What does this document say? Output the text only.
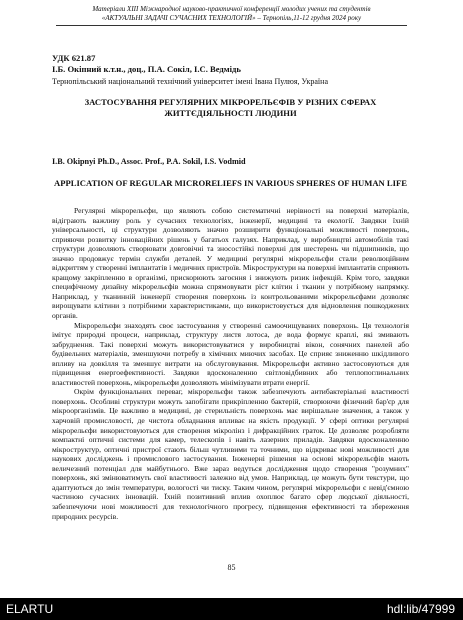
Матеріали ХІІІ Міжнародної науково-практичної конференції молодих учених та студентів
«АКТУАЛЬНІ ЗАДАЧІ СУЧАСНИХ ТЕХНОЛОГІЙ» – Тернопіль,11-12 грудня 2024 року
УДК 621.87
І.Б. Окіпний к.т.н., доц., П.А. Сокіл, І.С. Ведмідь
Тернопільський національний технічний університет імені Івана Пулюя, Україна
ЗАСТОСУВАННЯ РЕГУЛЯРНИХ МІКРОРЕЛЬЄФІВ У РІЗНИХ СФЕРАХ ЖИТТЄДІЯЛЬНОСТІ ЛЮДИНИ
I.B. Okipnyi Ph.D., Assoc. Prof., P.A. Sokil, I.S. Vodmid
APPLICATION OF REGULAR MICRORELIEFS IN VARIOUS SPHERES OF HUMAN LIFE

Регулярні мікрорельєфи, що являють собою систематичні нерівності на поверхні матеріалів, відіграють важливу роль у сучасних технологіях, інженерії, медицині та екології. Завдяки їхній універсальності, ці структури дозволяють значно розширити функціональні можливості поверхонь, сприяючи розвитку інноваційних рішень у багатьох галузях. Наприклад, у виробництві автомобілів такі структури дозволяють створювати довговічні та зносостійкі поверхні для шестерень чи підшипників, що значно продовжує термін служби деталей. У медицині регулярні мікрорельєфи стали революційним відкриттям у створенні імплантатів і медичних пристроїв. Мікроструктури на поверхні імплантатів сприяють кращому закріпленню в організмі, прискорюють загоєння і знижують ризик інфекцій. Крім того, завдяки специфічному дизайну мікрорельєфів можна спрямовувати ріст клітин і тканин у потрібному напрямку. Наприклад, у тканинній інженерії створення поверхонь із контрольованими мікрорельєфами дозволяє вирощувати клітини з потрібними характеристиками, що використовується для відновлення пошкоджених органів.

Мікрорельєфи знаходять своє застосування у створенні самоочищуваних поверхонь. Ця технологія імітує природні процеси, наприклад, структуру листя лотоса, де вода формує краплі, які змивають забруднення. Такі поверхні можуть використовуватися у виробництві вікон, сонячних панелей або будівельних матеріалів, зменшуючи потребу в хімічних миючих засобах. Це сприяє зниженню шкідливого впливу на довкілля та зменшує витрати на обслуговування. Мікрорельєфи активно застосовуються для підвищення енергоефективності. Завдяки вдосконаленню світловідбивних або теплопоглинальних властивостей поверхонь, мікрорельєфи дозволяють мінімізувати втрати енергії.

Окрім функціональних переваг, мікрорельєфи також забезпечують антибактеріальні властивості поверхонь. Особливі структури можуть запобігати прикріпленню бактерій, створюючи фізичний бар'єр для мікроорганізмів. Це важливо в медицині, де стерильність поверхонь має вирішальне значення, а також у харчовій промисловості, де чистота обладнання впливає на якість продукції. У сфері оптики регулярні мікрорельєфи використовуються для створення мікролінз і дифракційних граток. Це дозволяє розробляти компактні оптичні системи для камер, телескопів і навіть лазерних приладів. Завдяки вдосконаленню мікроструктур, оптичні пристрої стають більш чутливими та точними, що відкриває нові можливості для наукових досліджень і промислового застосування. Інженерні рішення на основі мікрорельєфів мають величезний потенціал для майбутнього. Вже зараз ведуться дослідження щодо створення "розумних" поверхонь, які змінюватимуть свої властивості залежно від умов. Наприклад, це можуть бути текстури, що адаптуються до змін температури, вологості чи тиску. Таким чином, регулярні мікрорельєфи є невід'ємною частиною сучасних інновацій. Їхній позитивний вплив охоплює багато сфер людської діяльності, забезпечуючи нові можливості для технологічного прогресу, підвищення ефективності та збереження природних ресурсів.

85
ELARTU	hdl:lib/47999
